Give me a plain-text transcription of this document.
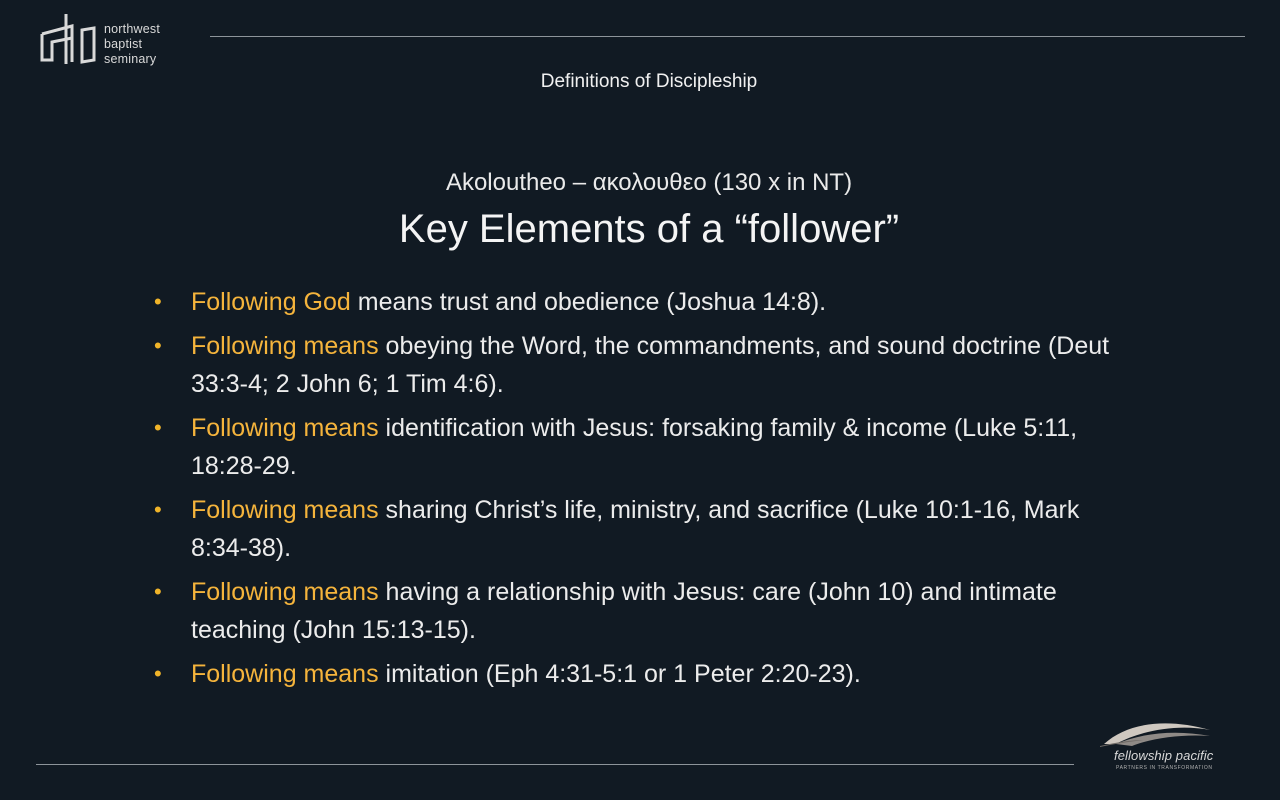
northwest
baptist
seminary
Definitions of Discipleship
Akoloutheo – ακολουθεο (130 x in NT)
Key Elements of a “follower”
• Following God means trust and obedience (Joshua 14:8).
• Following means obeying the Word, the commandments, and sound doctrine (Deut 33:3-4; 2 John 6; 1 Tim 4:6).
• Following means identification with Jesus: forsaking family & income (Luke 5:11, 18:28-29.
• Following means sharing Christ’s life, ministry, and sacrifice (Luke 10:1-16, Mark 8:34-38).
• Following means having a relationship with Jesus: care (John 10) and intimate teaching (John 15:13-15).
• Following means imitation (Eph 4:31-5:1 or 1 Peter 2:20-23).
fellowship pacific
PARTNERS IN TRANSFORMATION
